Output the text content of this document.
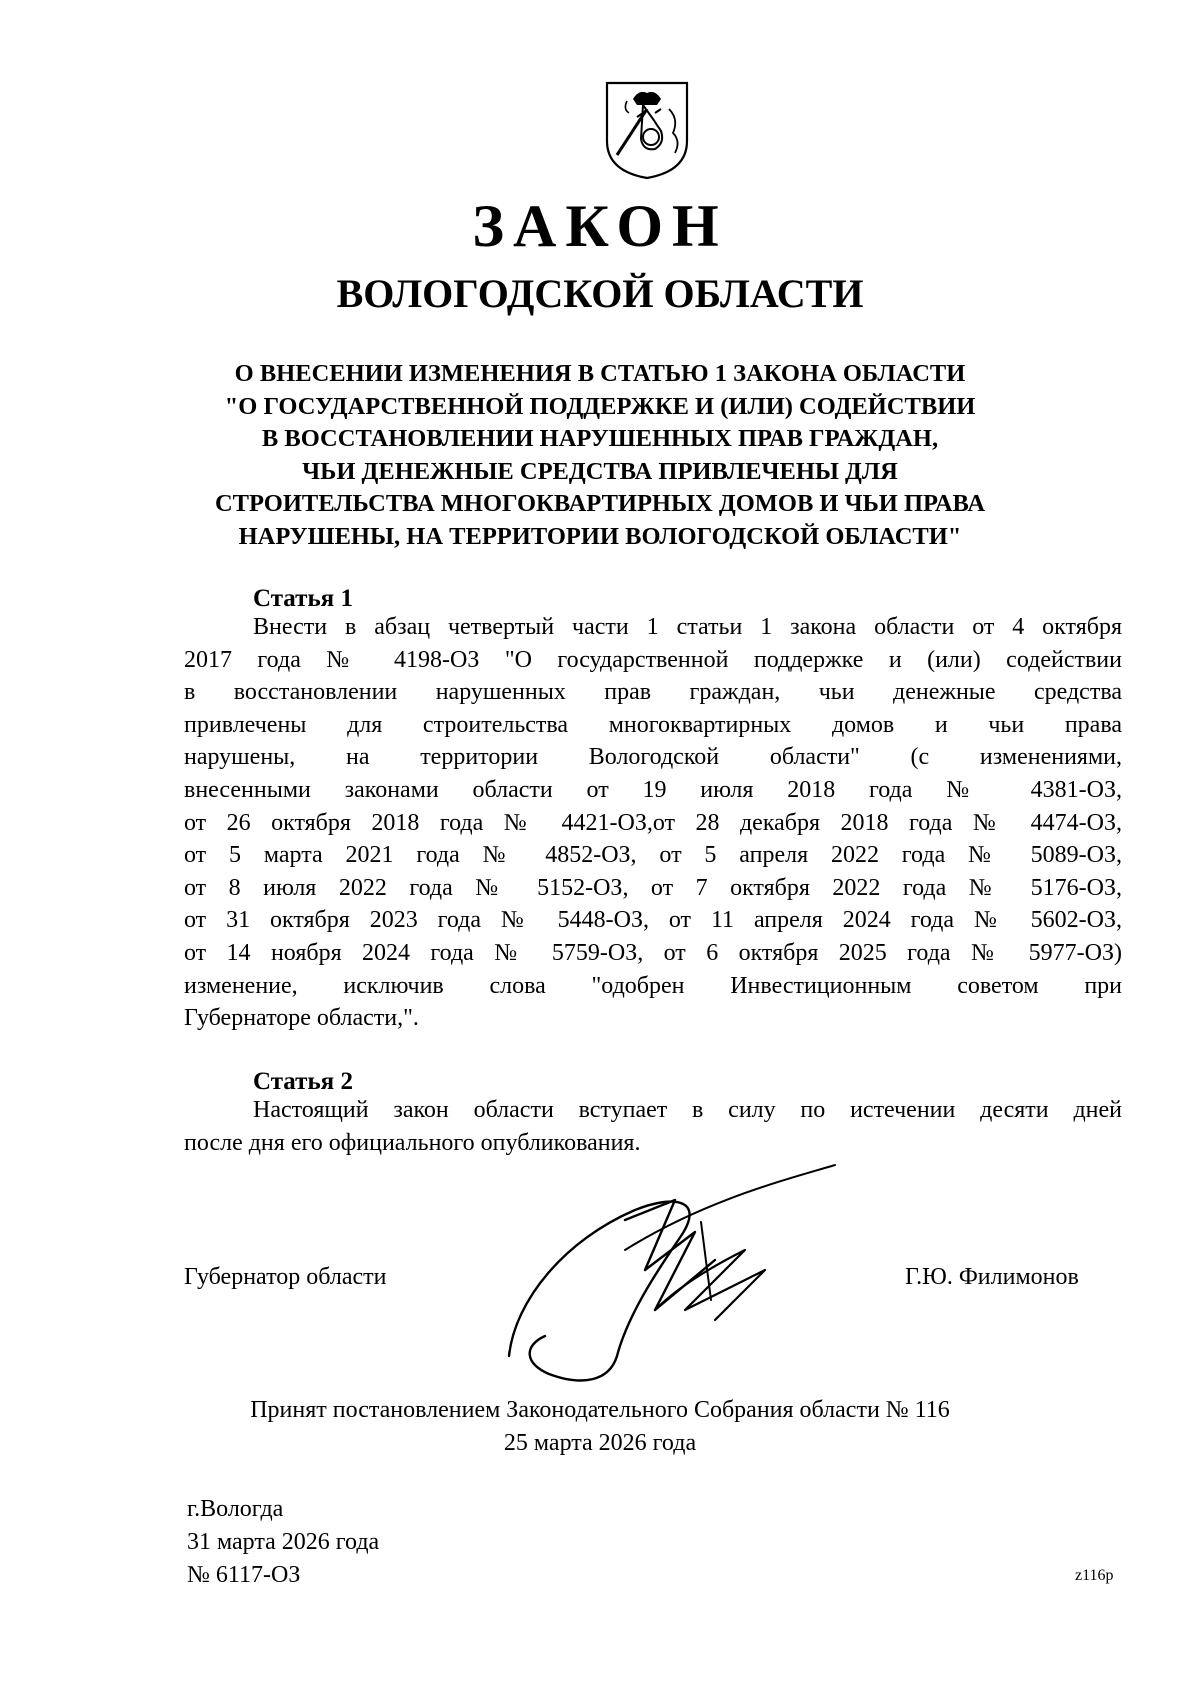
ЗАКОН
ВОЛОГОДСКОЙ ОБЛАСТИ
О ВНЕСЕНИИ ИЗМЕНЕНИЯ В СТАТЬЮ 1 ЗАКОНА ОБЛАСТИ
"О ГОСУДАРСТВЕННОЙ ПОДДЕРЖКЕ И (ИЛИ) СОДЕЙСТВИИ
В ВОССТАНОВЛЕНИИ НАРУШЕННЫХ ПРАВ ГРАЖДАН,
ЧЬИ ДЕНЕЖНЫЕ СРЕДСТВА ПРИВЛЕЧЕНЫ ДЛЯ
СТРОИТЕЛЬСТВА МНОГОКВАРТИРНЫХ ДОМОВ И ЧЬИ ПРАВА
НАРУШЕНЫ, НА ТЕРРИТОРИИ ВОЛОГОДСКОЙ ОБЛАСТИ"
Статья 1
Внести в абзац четвертый части 1 статьи 1 закона области от 4 октября
2017 года № 4198-ОЗ "О государственной поддержке и (или) содействии
в восстановлении нарушенных прав граждан, чьи денежные средства
привлечены для строительства многоквартирных домов и чьи права
нарушены, на территории Вологодской области" (с изменениями,
внесенными законами области от 19 июля 2018 года № 4381-ОЗ,
от 26 октября 2018 года № 4421-ОЗ,от 28 декабря 2018 года № 4474-ОЗ,
от 5 марта 2021 года № 4852-ОЗ, от 5 апреля 2022 года № 5089-ОЗ,
от 8 июля 2022 года № 5152-ОЗ, от 7 октября 2022 года № 5176-ОЗ,
от 31 октября 2023 года № 5448-ОЗ, от 11 апреля 2024 года № 5602-ОЗ,
от 14 ноября 2024 года № 5759-ОЗ, от 6 октября 2025 года № 5977-ОЗ)
изменение, исключив слова "одобрен Инвестиционным советом при
Губернаторе области,".
Статья 2
Настоящий закон области вступает в силу по истечении десяти дней
после дня его официального опубликования.
Губернатор области	Г.Ю. Филимонов
Принят постановлением Законодательного Собрания области № 116
25 марта 2026 года
г.Вологда
31 марта 2026 года
№ 6117-ОЗ	z116р
